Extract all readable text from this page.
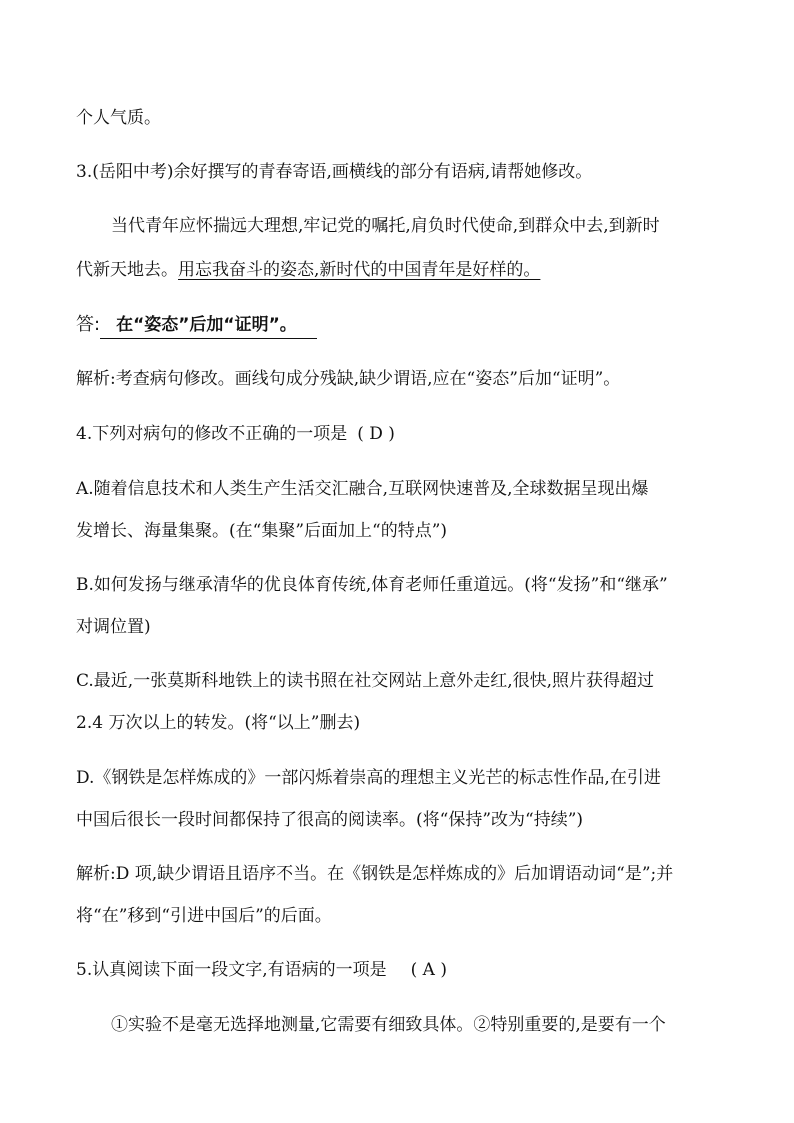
个人气质。
3.(岳阳中考)余好撰写的青春寄语,画横线的部分有语病,请帮她修改。
当代青年应怀揣远大理想,牢记党的嘱托,肩负时代使命,到群众中去,到新时
代新天地去。用忘我奋斗的姿态,新时代的中国青年是好样的。
答: 在“姿态”后加“证明”。
解析:考查病句修改。画线句成分残缺,缺少谓语,应在“姿态”后加“证明”。
4.下列对病句的修改不正确的一项是 ( D )
A.随着信息技术和人类生产生活交汇融合,互联网快速普及,全球数据呈现出爆
发增长、海量集聚。(在“集聚”后面加上“的特点”)
B.如何发扬与继承清华的优良体育传统,体育老师任重道远。(将“发扬”和“继承”
对调位置)
C.最近,一张莫斯科地铁上的读书照在社交网站上意外走红,很快,照片获得超过
2.4 万次以上的转发。(将“以上”删去)
D.《钢铁是怎样炼成的》一部闪烁着崇高的理想主义光芒的标志性作品,在引进
中国后很长一段时间都保持了很高的阅读率。(将“保持”改为“持续”)
解析:D 项,缺少谓语且语序不当。在《钢铁是怎样炼成的》后加谓语动词“是”;并
将“在”移到“引进中国后”的后面。
5.认真阅读下面一段文字,有语病的一项是 ( A )
①实验不是毫无选择地测量,它需要有细致具体。②特别重要的,是要有一个
